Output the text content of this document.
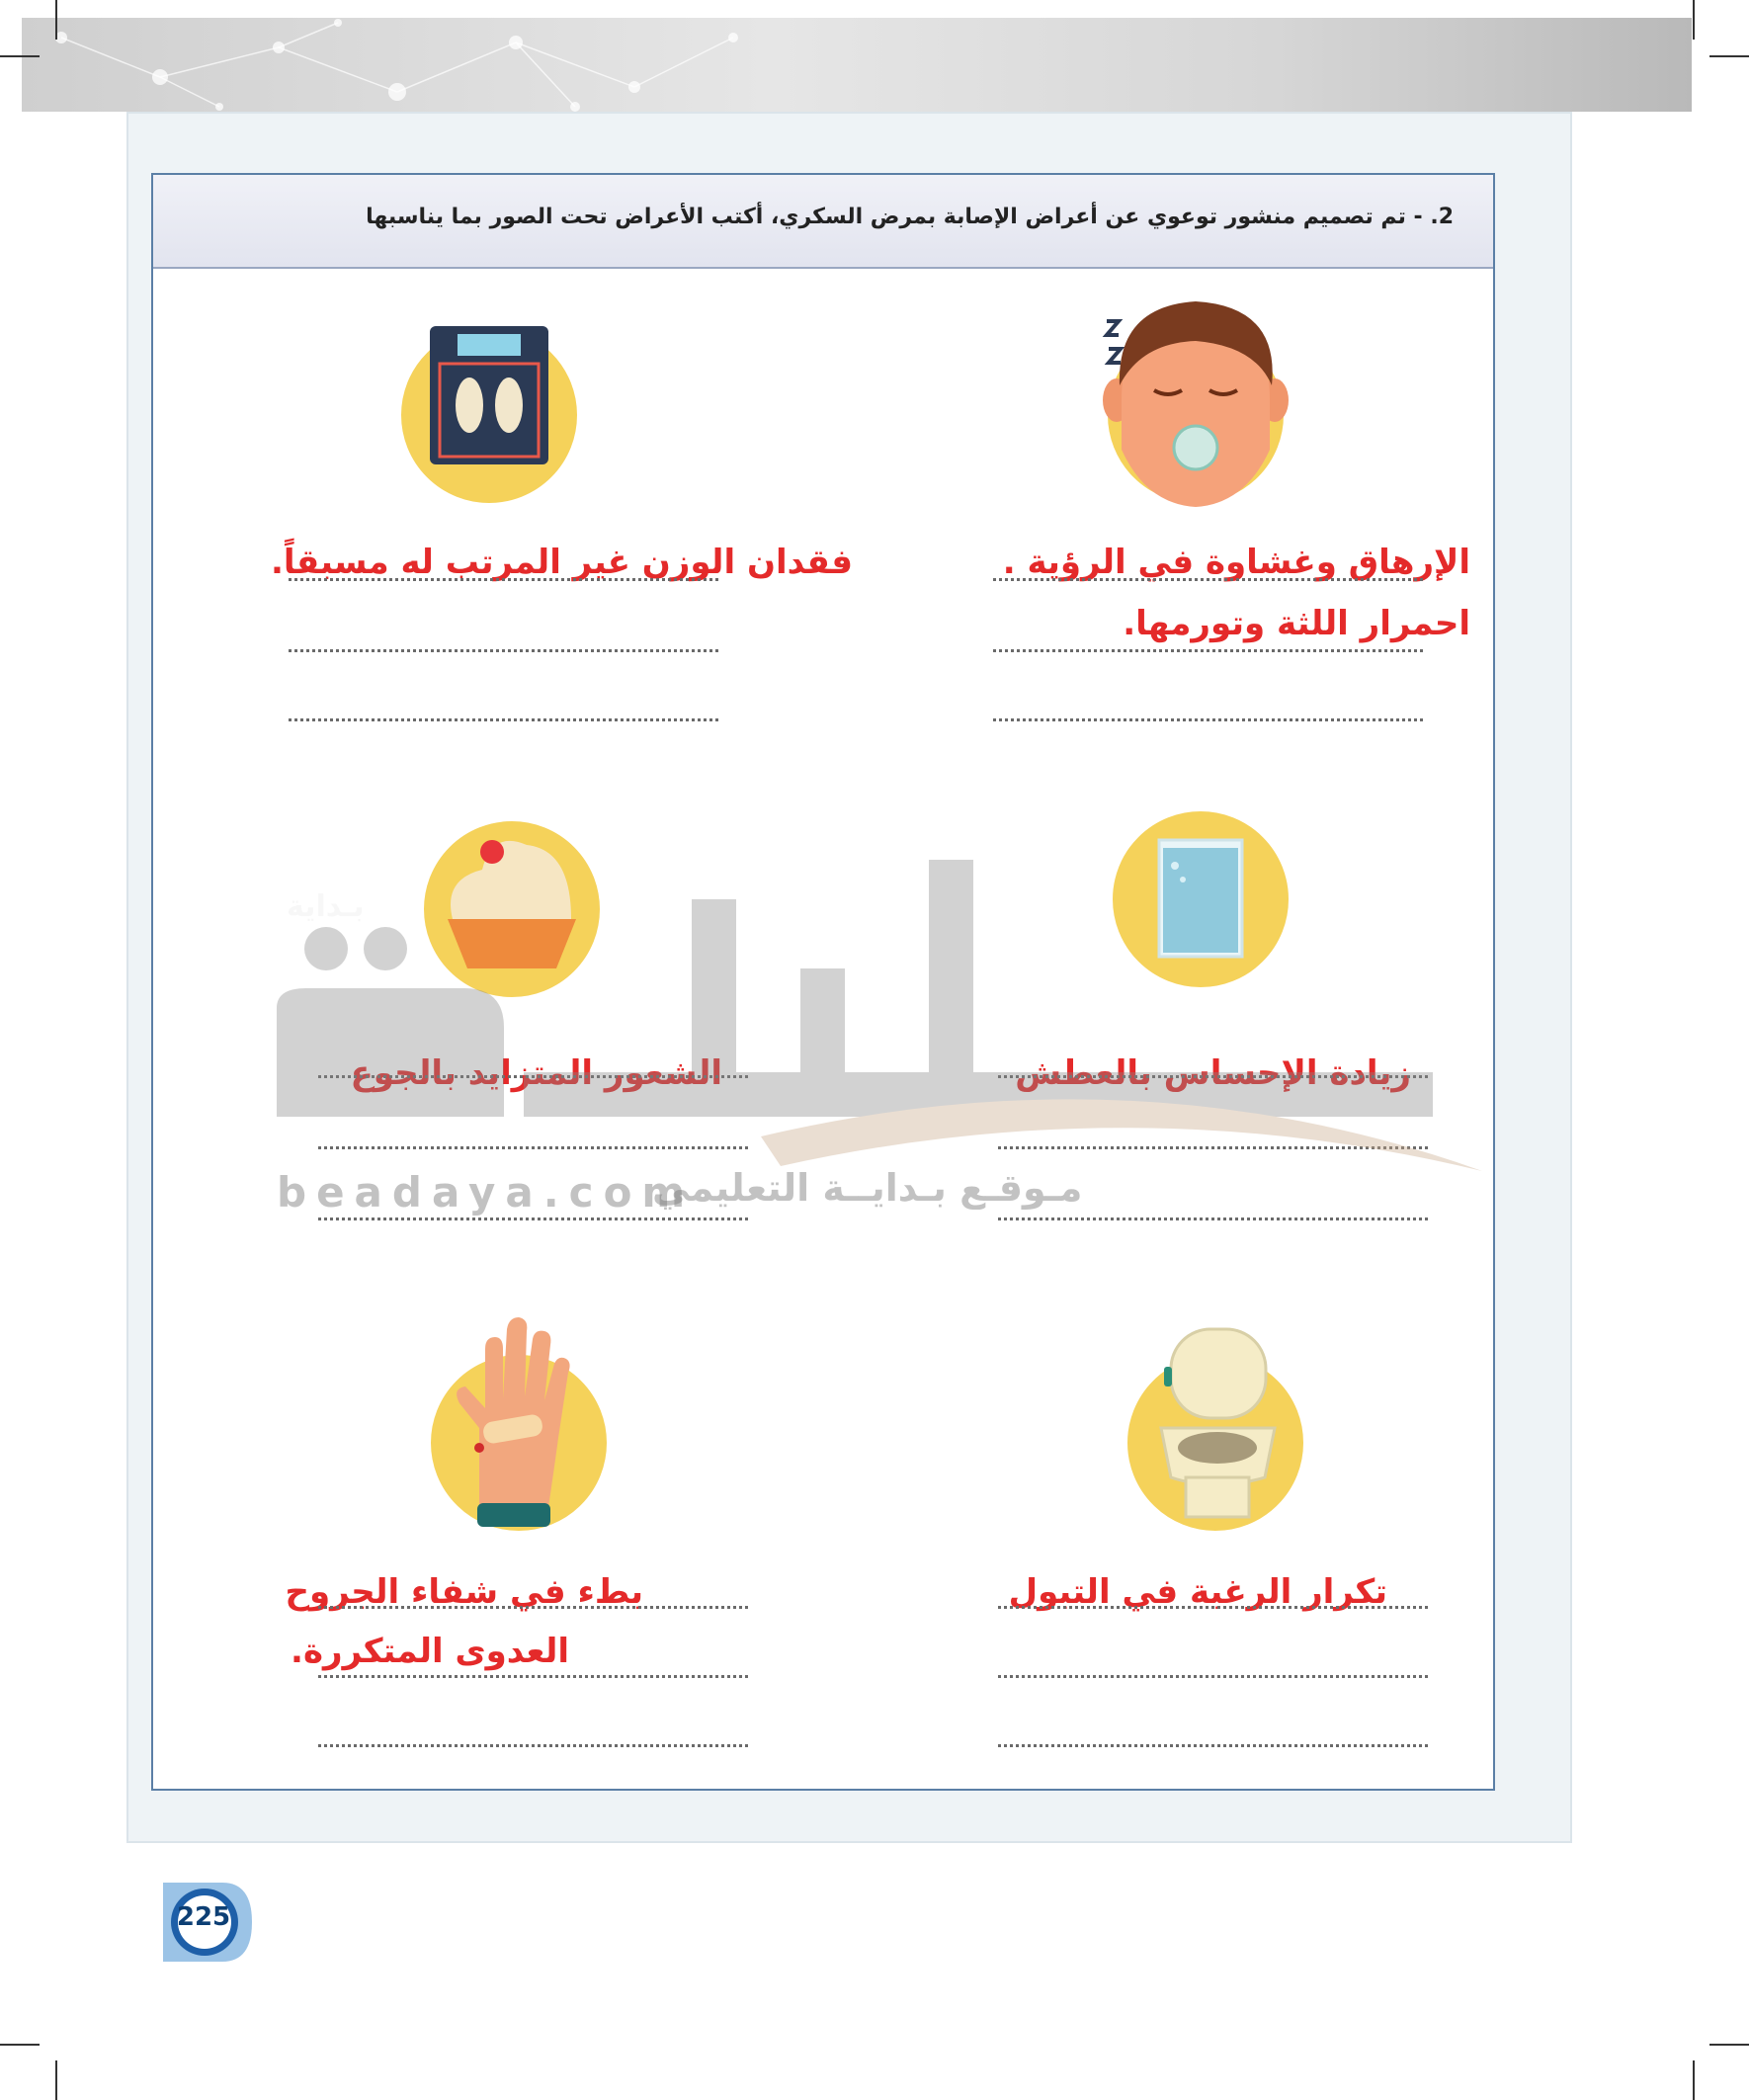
2. - تم تصميم منشور توعوي عن أعراض الإصابة بمرض السكري، أكتب الأعراض تحت الصور بما يناسبها
الإرهاق وغشاوة في الرؤية .
احمرار اللثة وتورمها.
فقدان الوزن غير المرتب له مسبقاً.
زيادة الإحساس بالعطش
الشعور المتزايد بالجوع
تكرار الرغبة في التبول
بطء في شفاء الجروح
العدوى المتكررة.
beadaya.com
مـوقـع بـدايــة التعليمي
بـداية
225
